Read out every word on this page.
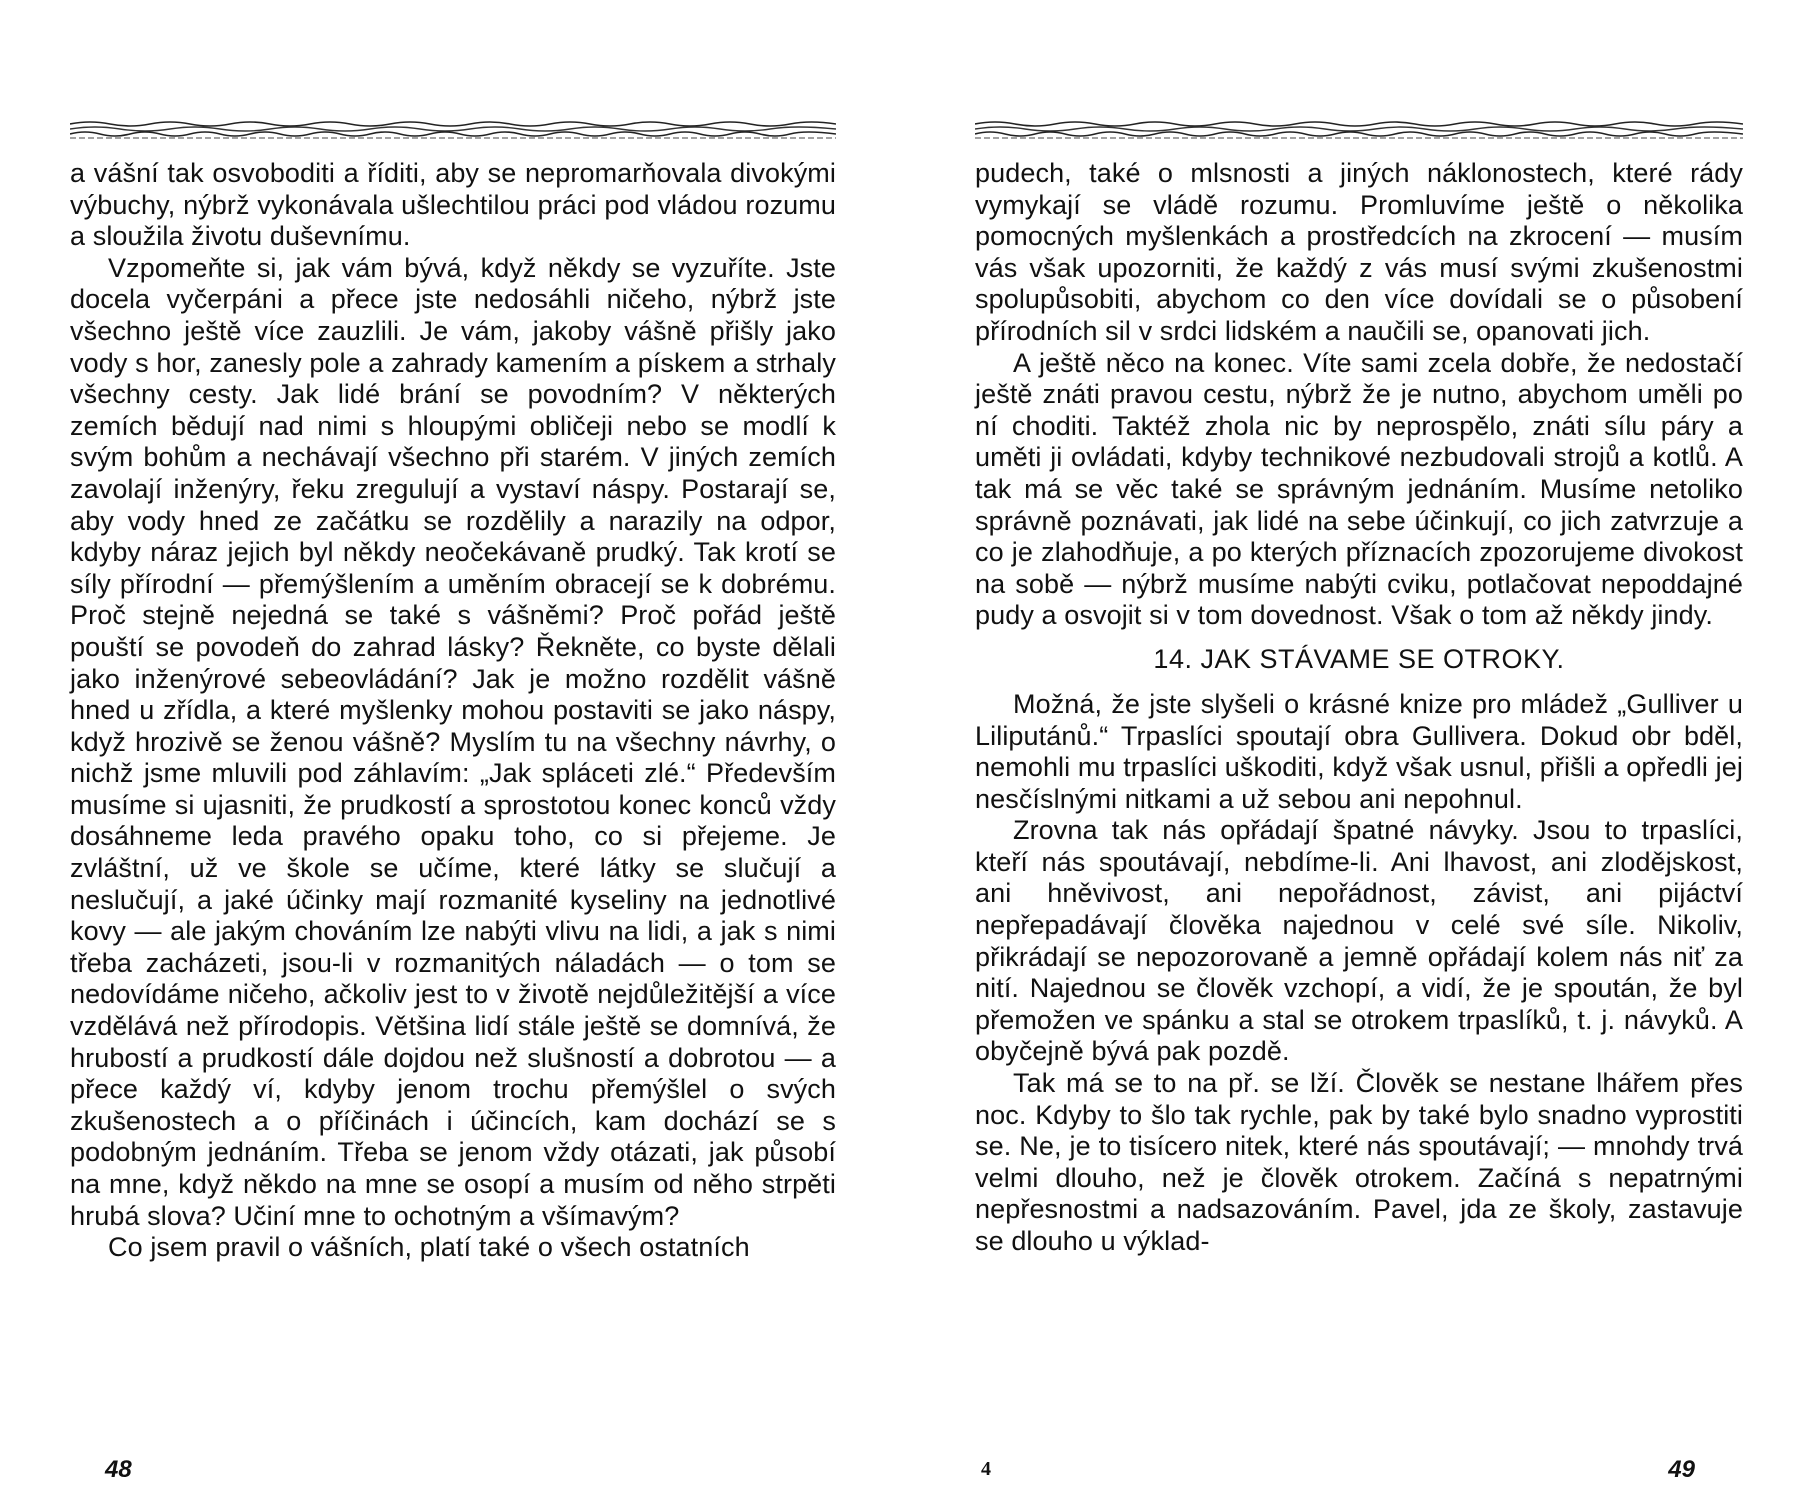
a vášní tak osvoboditi a říditi, aby se nepromarňovala divokými výbuchy, nýbrž vykonávala ušlechtilou práci pod vládou rozumu a sloužila životu duševnímu.

Vzpomeňte si, jak vám bývá, když někdy se vyzuříte. Jste docela vyčerpáni a přece jste nedosáhli ničeho, nýbrž jste všechno ještě více zauzlili. Je vám, jakoby vášně přišly jako vody s hor, zanesly pole a zahrady kamením a pískem a strhaly všechny cesty. Jak lidé brání se povodním? V některých zemích bědují nad nimi s hloupými obličeji nebo se modlí k svým bohům a nechávají všechno při starém. V jiných zemích zavolají inženýry, řeku zregulují a vystaví náspy. Postarají se, aby vody hned ze začátku se rozdělily a narazily na odpor, kdyby náraz jejich byl někdy neočekávaně prudký. Tak krotí se síly přírodní — přemýšlením a uměním obracejí se k dobrému. Proč stejně nejedná se také s vášněmi? Proč pořád ještě pouští se povodeň do zahrad lásky? Řekněte, co byste dělali jako inženýrové sebeovládání? Jak je možno rozdělit vášně hned u zřídla, a které myšlenky mohou postaviti se jako náspy, když hrozivě se ženou vášně? Myslím tu na všechny návrhy, o nichž jsme mluvili pod záhlavím: „Jak spláceti zlé.“ Především musíme si ujasniti, že prudkostí a sprostotou konec konců vždy dosáhneme leda pravého opaku toho, co si přejeme. Je zvláštní, už ve škole se učíme, které látky se slučují a neslučují, a jaké účinky mají rozmanité kyseliny na jednotlivé kovy — ale jakým chováním lze nabýti vlivu na lidi, a jak s nimi třeba zacházeti, jsou-li v rozmanitých náladách — o tom se nedovídáme ničeho, ačkoliv jest to v životě nejdůležitější a více vzdělává než přírodopis. Většina lidí stále ještě se domnívá, že hrubostí a prudkostí dále dojdou než slušností a dobrotou — a přece každý ví, kdyby jenom trochu přemýšlel o svých zkušenostech a o příčinách i účincích, kam dochází se s podobným jednáním. Třeba se jenom vždy otázati, jak působí na mne, když někdo na mne se osopí a musím od něho strpěti hrubá slova? Učiní mne to ochotným a všímavým?

Co jsem pravil o vášních, platí také o všech ostatních

48

pudech, také o mlsnosti a jiných náklonostech, které rády vymykají se vládě rozumu. Promluvíme ještě o několika pomocných myšlenkách a prostředcích na zkrocení — musím vás však upozorniti, že každý z vás musí svými zkušenostmi spolupůsobiti, abychom co den více dovídali se o působení přírodních sil v srdci lidském a naučili se, opanovati jich.

A ještě něco na konec. Víte sami zcela dobře, že nedostačí ještě znáti pravou cestu, nýbrž že je nutno, abychom uměli po ní choditi. Taktéž zhola nic by neprospělo, znáti sílu páry a uměti ji ovládati, kdyby technikové nezbudovali strojů a kotlů. A tak má se věc také se správným jednáním. Musíme netoliko správně poznávati, jak lidé na sebe účinkují, co jich zatvrzuje a co je zlahodňuje, a po kterých příznacích zpozorujeme divokost na sobě — nýbrž musíme nabýti cviku, potlačovat nepoddajné pudy a osvojit si v tom dovednost. Však o tom až někdy jindy.

14. JAK STÁVAME SE OTROKY.

Možná, že jste slyšeli o krásné knize pro mládež „Gulliver u Liliputánů.“ Trpaslíci spoutají obra Gullivera. Dokud obr bděl, nemohli mu trpaslíci uškoditi, když však usnul, přišli a opředli jej nesčíslnými nitkami a už sebou ani nepohnul.

Zrovna tak nás opřádají špatné návyky. Jsou to trpaslíci, kteří nás spoutávají, nebdíme-li. Ani lhavost, ani zlodějskost, ani hněvivost, ani nepořádnost, závist, ani pijáctví nepřepadávají člověka najednou v celé své síle. Nikoliv, přikrádají se nepozorovaně a jemně opřádají kolem nás niť za nití. Najednou se člověk vzchopí, a vidí, že je spoután, že byl přemožen ve spánku a stal se otrokem trpaslíků, t. j. návyků. A obyčejně bývá pak pozdě.

Tak má se to na př. se lží. Člověk se nestane lhářem přes noc. Kdyby to šlo tak rychle, pak by také bylo snadno vyprostiti se. Ne, je to tisícero nitek, které nás spoutávají; — mnohdy trvá velmi dlouho, než je člověk otrokem. Začíná s nepatrnými nepřesnostmi a nadsazováním. Pavel, jda ze školy, zastavuje se dlouho u výklad-

4	49
